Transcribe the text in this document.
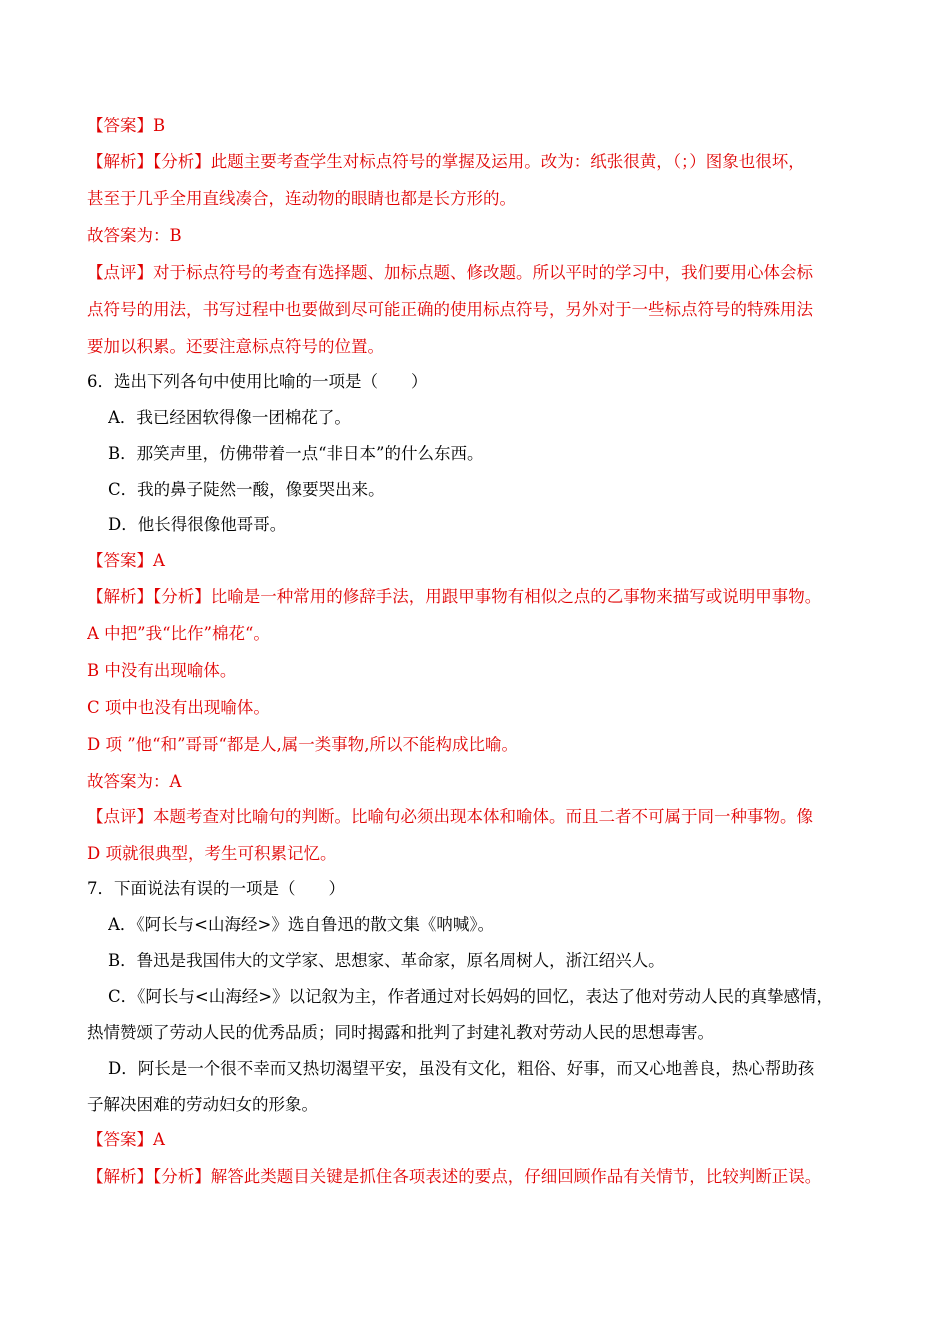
【答案】B
【解析】【分析】此题主要考查学生对标点符号的掌握及运用。改为：纸张很黄，（；）图象也很坏，
甚至于几乎全用直线凑合，连动物的眼睛也都是长方形的。
故答案为：B
【点评】对于标点符号的考查有选择题、加标点题、修改题。所以平时的学习中，我们要用心体会标
点符号的用法，书写过程中也要做到尽可能正确的使用标点符号，另外对于一些标点符号的特殊用法
要加以积累。还要注意标点符号的位置。
6．选出下列各句中使用比喻的一项是（　　）
A．我已经困软得像一团棉花了。
B．那笑声里，仿佛带着一点“非日本”的什么东西。
C．我的鼻子陡然一酸，像要哭出来。
D．他长得很像他哥哥。
【答案】A
【解析】【分析】比喻是一种常用的修辞手法，用跟甲事物有相似之点的乙事物来描写或说明甲事物。
A 中把”我“比作”棉花“。
B 中没有出现喻体。
C 项中也没有出现喻体。
D 项 ”他“和”哥哥“都是人,属一类事物,所以不能构成比喻。
故答案为：A
【点评】本题考查对比喻句的判断。比喻句必须出现本体和喻体。而且二者不可属于同一种事物。像
D 项就很典型，考生可积累记忆。
7．下面说法有误的一项是（　　）
A．《阿长与<山海经>》选自鲁迅的散文集《呐喊》。
B．鲁迅是我国伟大的文学家、思想家、革命家，原名周树人，浙江绍兴人。
C．《阿长与<山海经>》以记叙为主，作者通过对长妈妈的回忆，表达了他对劳动人民的真挚感情，
热情赞颂了劳动人民的优秀品质；同时揭露和批判了封建礼教对劳动人民的思想毒害。
D．阿长是一个很不幸而又热切渴望平安，虽没有文化，粗俗、好事，而又心地善良，热心帮助孩
子解决困难的劳动妇女的形象。
【答案】A
【解析】【分析】解答此类题目关键是抓住各项表述的要点，仔细回顾作品有关情节，比较判断正误。
